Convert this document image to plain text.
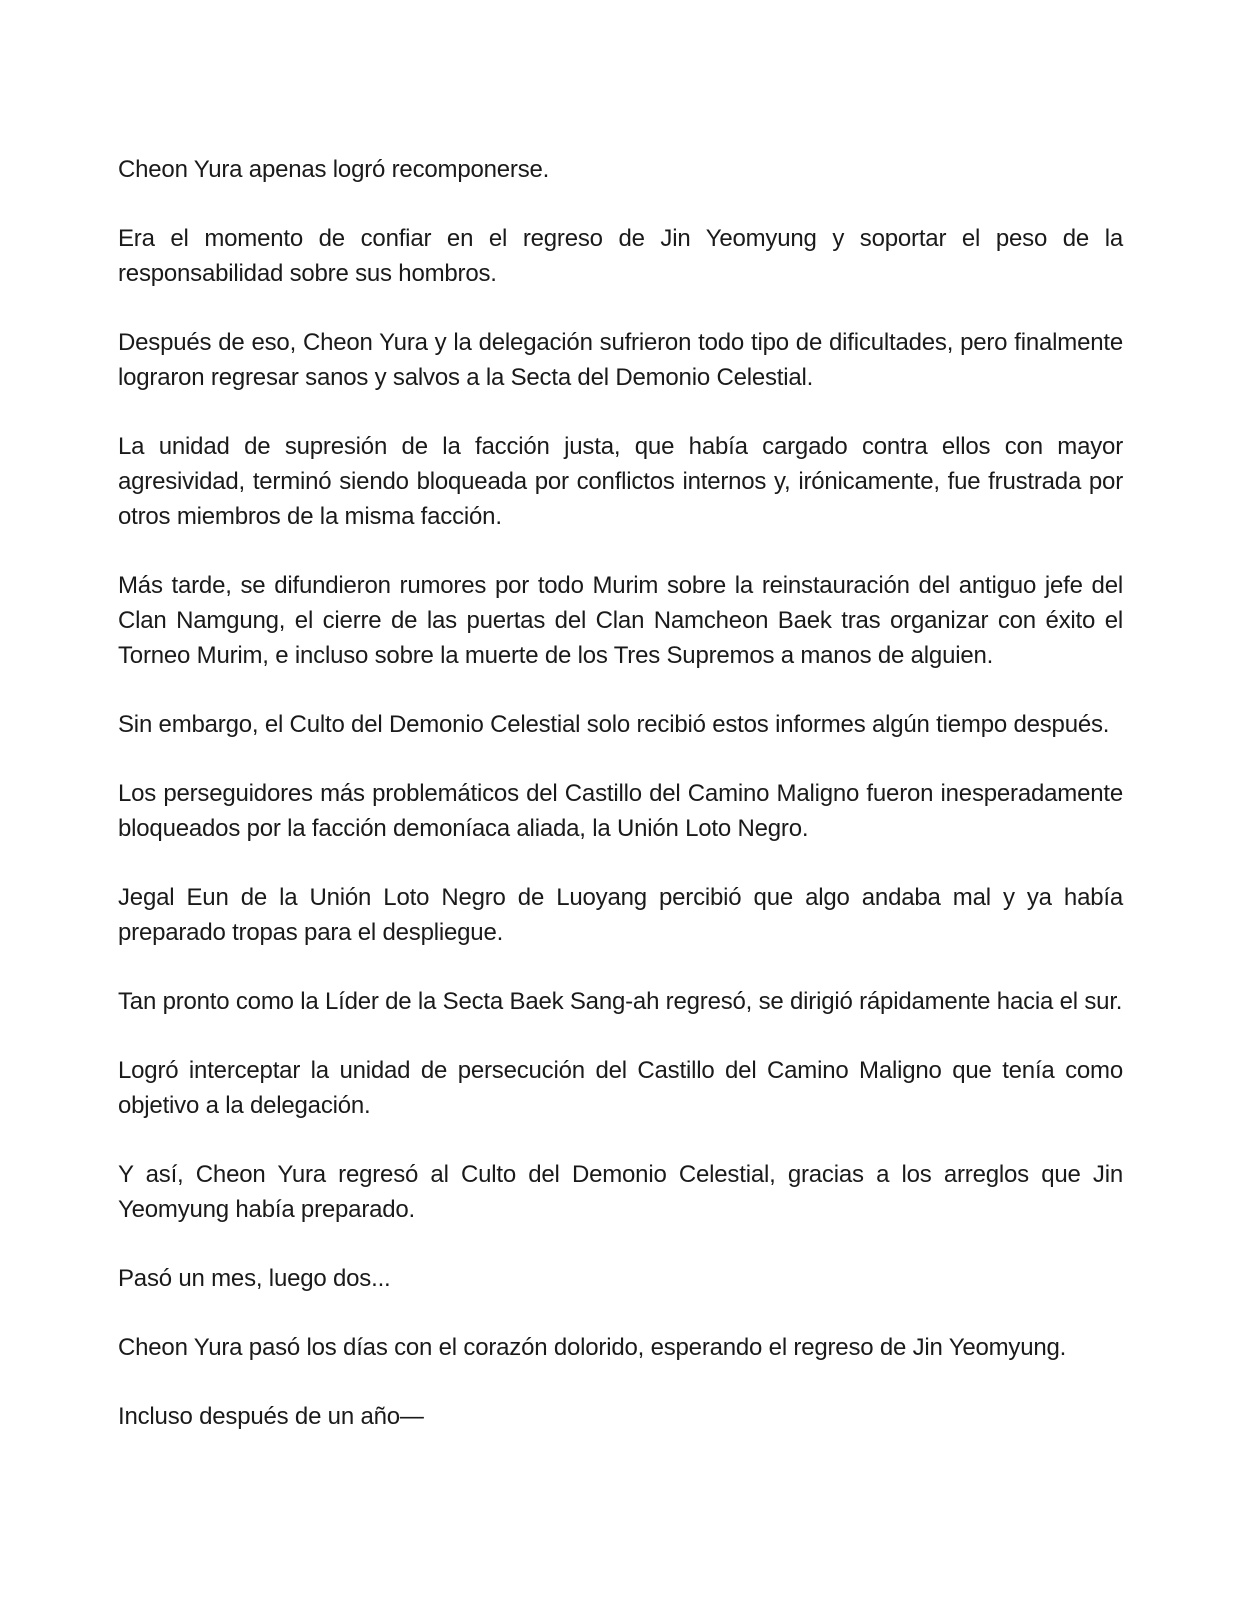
Cheon Yura apenas logró recomponerse.

Era el momento de confiar en el regreso de Jin Yeomyung y soportar el peso de la responsabilidad sobre sus hombros.

Después de eso, Cheon Yura y la delegación sufrieron todo tipo de dificultades, pero finalmente lograron regresar sanos y salvos a la Secta del Demonio Celestial.

La unidad de supresión de la facción justa, que había cargado contra ellos con mayor agresividad, terminó siendo bloqueada por conflictos internos y, irónicamente, fue frustrada por otros miembros de la misma facción.

Más tarde, se difundieron rumores por todo Murim sobre la reinstauración del antiguo jefe del Clan Namgung, el cierre de las puertas del Clan Namcheon Baek tras organizar con éxito el Torneo Murim, e incluso sobre la muerte de los Tres Supremos a manos de alguien.

Sin embargo, el Culto del Demonio Celestial solo recibió estos informes algún tiempo después.

Los perseguidores más problemáticos del Castillo del Camino Maligno fueron inesperadamente bloqueados por la facción demoníaca aliada, la Unión Loto Negro.

Jegal Eun de la Unión Loto Negro de Luoyang percibió que algo andaba mal y ya había preparado tropas para el despliegue.

Tan pronto como la Líder de la Secta Baek Sang-ah regresó, se dirigió rápidamente hacia el sur.

Logró interceptar la unidad de persecución del Castillo del Camino Maligno que tenía como objetivo a la delegación.

Y así, Cheon Yura regresó al Culto del Demonio Celestial, gracias a los arreglos que Jin Yeomyung había preparado.

Pasó un mes, luego dos...

Cheon Yura pasó los días con el corazón dolorido, esperando el regreso de Jin Yeomyung.

Incluso después de un año—
